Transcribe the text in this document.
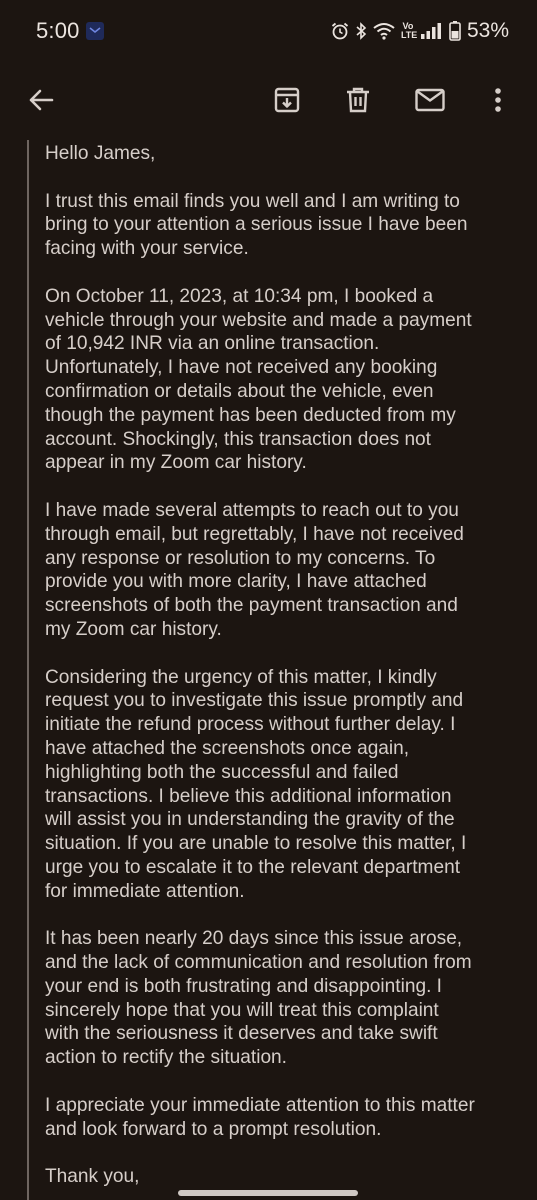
5:00	Vo
LTE 53%

Hello James,

I trust this email finds you well and I am writing to
bring to your attention a serious issue I have been
facing with your service.

On October 11, 2023, at 10:34 pm, I booked a
vehicle through your website and made a payment
of 10,942 INR via an online transaction.
Unfortunately, I have not received any booking
confirmation or details about the vehicle, even
though the payment has been deducted from my
account. Shockingly, this transaction does not
appear in my Zoom car history.

I have made several attempts to reach out to you
through email, but regrettably, I have not received
any response or resolution to my concerns. To
provide you with more clarity, I have attached
screenshots of both the payment transaction and
my Zoom car history.

Considering the urgency of this matter, I kindly
request you to investigate this issue promptly and
initiate the refund process without further delay. I
have attached the screenshots once again,
highlighting both the successful and failed
transactions. I believe this additional information
will assist you in understanding the gravity of the
situation. If you are unable to resolve this matter, I
urge you to escalate it to the relevant department
for immediate attention.

It has been nearly 20 days since this issue arose,
and the lack of communication and resolution from
your end is both frustrating and disappointing. I
sincerely hope that you will treat this complaint
with the seriousness it deserves and take swift
action to rectify the situation.

I appreciate your immediate attention to this matter
and look forward to a prompt resolution.

Thank you,
